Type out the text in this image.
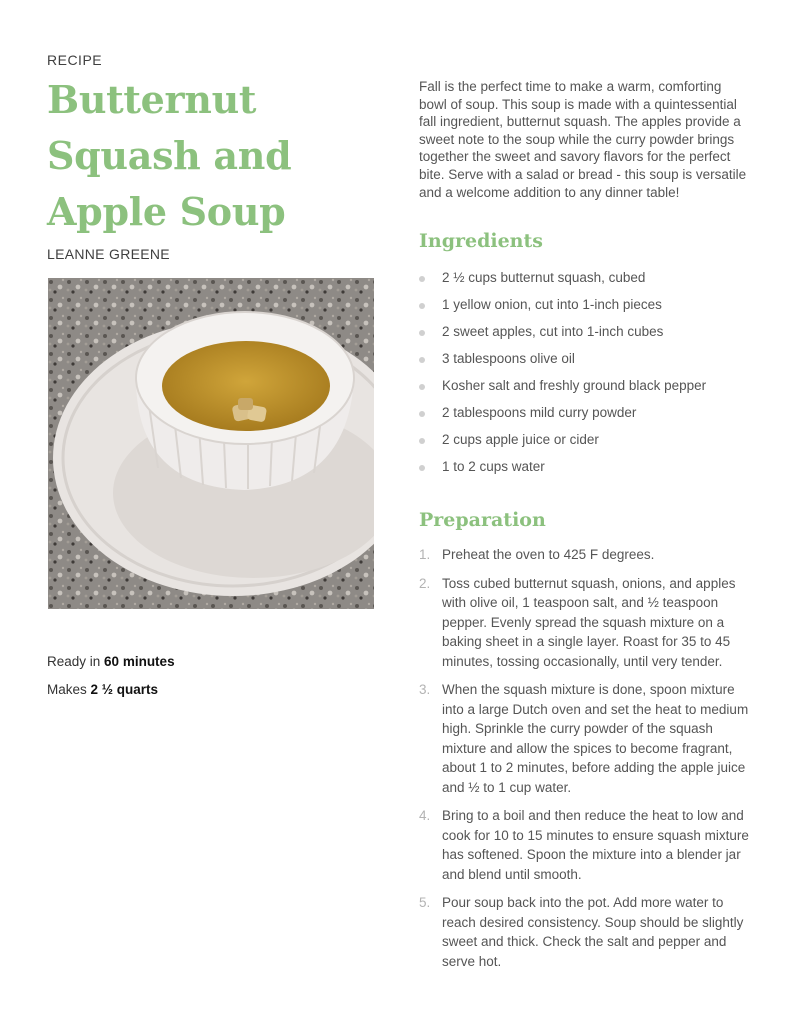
RECIPE

Butternut
Squash and
Apple Soup

LEANNE GREENE

Ready in 60 minutes
Makes 2 ½ quarts

Fall is the perfect time to make a warm, comforting bowl of soup. This soup is made with a quintessential fall ingredient, butternut squash. The apples provide a sweet note to the soup while the curry powder brings together the sweet and savory flavors for the perfect bite. Serve with a salad or bread - this soup is versatile and a welcome addition to any dinner table!

Ingredients
2 ½ cups butternut squash, cubed
1 yellow onion, cut into 1-inch pieces
2 sweet apples, cut into 1-inch cubes
3 tablespoons olive oil
Kosher salt and freshly ground black pepper
2 tablespoons mild curry powder
2 cups apple juice or cider
1 to 2 cups water
Preparation
1. Preheat the oven to 425 F degrees.
2. Toss cubed butternut squash, onions, and apples with olive oil, 1 teaspoon salt, and ½ teaspoon pepper. Evenly spread the squash mixture on a baking sheet in a single layer. Roast for 35 to 45 minutes, tossing occasionally, until very tender.
3. When the squash mixture is done, spoon mixture into a large Dutch oven and set the heat to medium high. Sprinkle the curry powder of the squash mixture and allow the spices to become fragrant, about 1 to 2 minutes, before adding the apple juice and ½ to 1 cup water.
4. Bring to a boil and then reduce the heat to low and cook for 10 to 15 minutes to ensure squash mixture has softened. Spoon the mixture into a blender jar and blend until smooth.
5. Pour soup back into the pot. Add more water to reach desired consistency. Soup should be slightly sweet and thick. Check the salt and pepper and serve hot.
